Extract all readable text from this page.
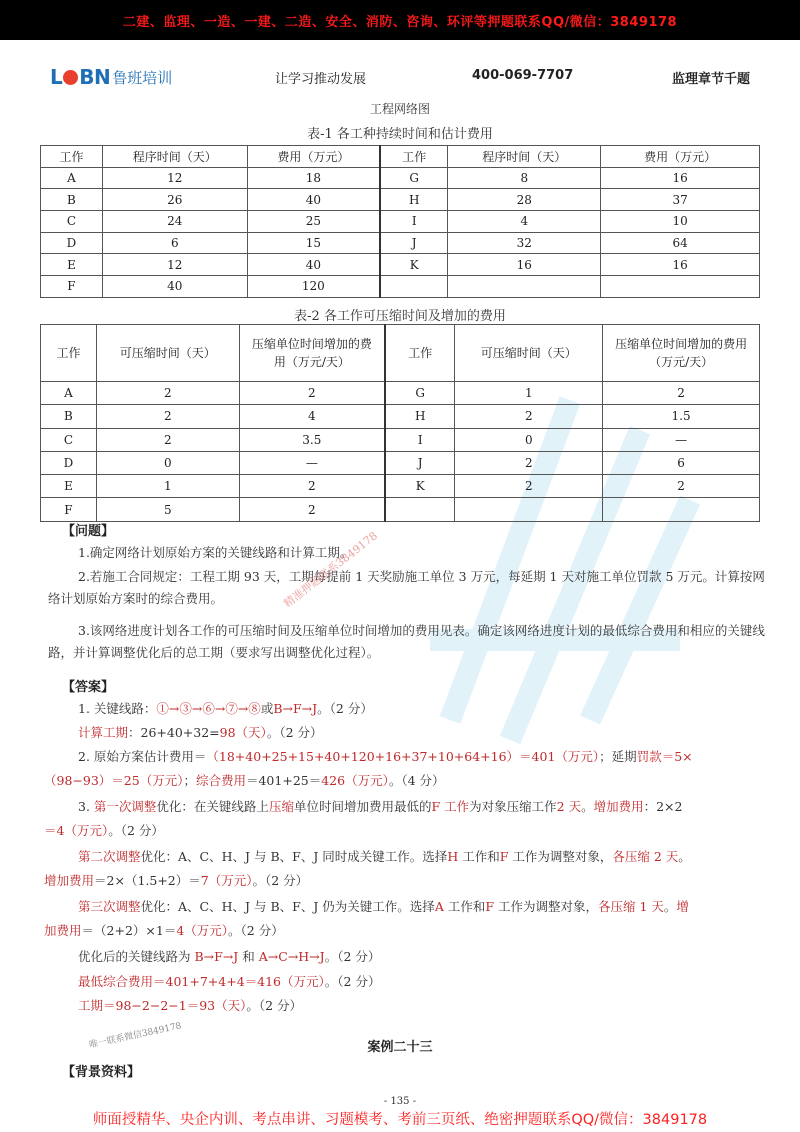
二建、监理、一造、一建、二造、安全、消防、咨询、环评等押题联系QQ/微信：3849178
L BN 鲁班培训	让学习推动发展	400-069-7707	监理章节千题
工程网络图
表-1 各工种持续时间和估计费用
工作	程序时间（天）	费用（万元）	工作	程序时间（天）	费用（万元）
A	12	18	G	8	16
B	26	40	H	28	37
C	24	25	I	4	10
D	6	15	J	32	64
E	12	40	K	16	16
F	40	120			
表-2 各工作可压缩时间及增加的费用
工作	可压缩时间（天）	压缩单位时间增加的费用（万元/天）	工作	可压缩时间（天）	压缩单位时间增加的费用（万元/天）
A	2	2	G	1	2
B	2	4	H	2	1.5
C	2	3.5	I	0	—
D	0	—	J	2	6
E	1	2	K	2	2
F	5	2			
【问题】
1.确定网络计划原始方案的关键线路和计算工期。
2.若施工合同规定：工程工期 93 天，工期每提前 1 天奖励施工单位 3 万元，每延期 1 天对施工单位罚款 5 万元。计算按网络计划原始方案时的综合费用。
3.该网络进度计划各工作的可压缩时间及压缩单位时间增加的费用见表。确定该网络进度计划的最低综合费用和相应的关键线路，并计算调整优化后的总工期（要求写出调整优化过程）。
精准押题联系3849178
【答案】
1. 关键线路：①→③→⑥→⑦→⑧或B→F→J。（2 分）
计算工期：26+40+32=98（天）。（2 分）
2. 原始方案估计费用＝（18+40+25+15+40+120+16+37+10+64+16）＝401（万元）；延期罚款＝5×
（98−93）＝25（万元）；综合费用＝401+25＝426（万元）。（4 分）
3. 第一次调整优化：在关键线路上压缩单位时间增加费用最低的F 工作为对象压缩工作2 天。增加费用：2×2
＝4（万元）。（2 分）
第二次调整优化：A、C、H、J 与 B、F、J 同时成关键工作。选择H 工作和F 工作为调整对象，各压缩 2 天。
增加费用＝2×（1.5+2）＝7（万元）。（2 分）
第三次调整优化：A、C、H、J 与 B、F、J 仍为关键工作。选择A 工作和F 工作为调整对象，各压缩 1 天。增
加费用＝（2+2）×1＝4（万元）。（2 分）
优化后的关键线路为 B→F→J 和 A→C→H→J。（2 分）
最低综合费用＝401+7+4+4＝416（万元）。（2 分）
工期＝98−2−2−1＝93（天）。（2 分）
唯一联系微信3849178	案例二十三
【背景资料】
- 135 -
师面授精华、央企内训、考点串讲、习题模考、考前三页纸、绝密押题联系QQ/微信：3849178
